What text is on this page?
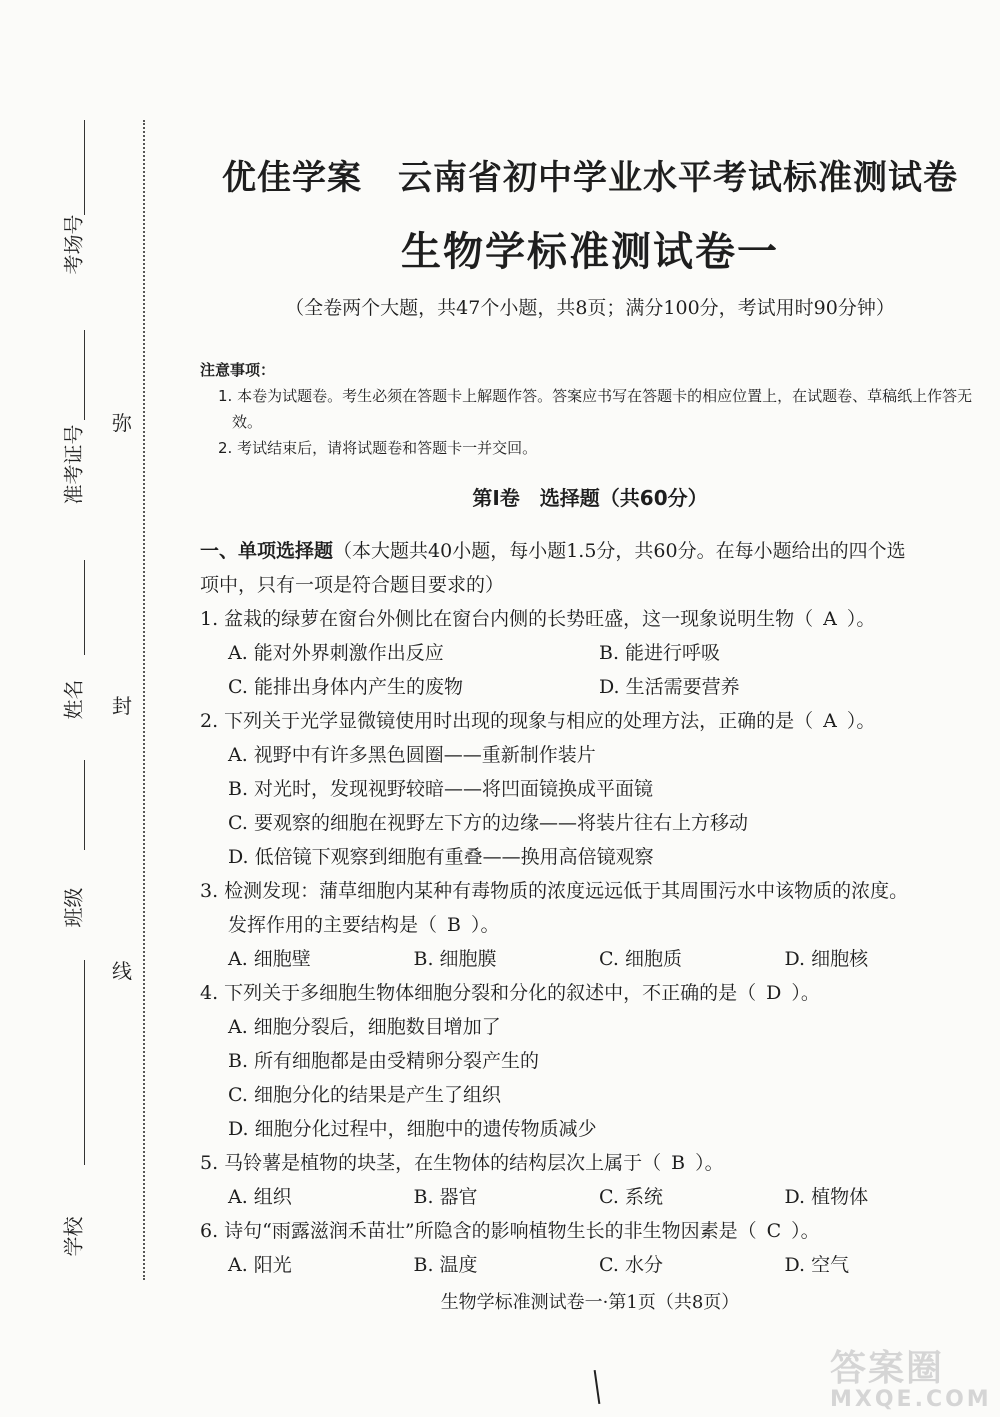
考场号
准考证号
姓名
班级
学校
弥
封
线
优佳学案 云南省初中学业水平考试标准测试卷
生物学标准测试卷一
（全卷两个大题，共47个小题，共8页；满分100分，考试用时90分钟）
注意事项：
1. 本卷为试题卷。考生必须在答题卡上解题作答。答案应书写在答题卡的相应位置上，在试题卷、草稿纸上作答无效。
2. 考试结束后，请将试题卷和答题卡一并交回。
第Ⅰ卷　选择题（共60分）
一、单项选择题（本大题共40小题，每小题1.5分，共60分。在每小题给出的四个选
项中，只有一项是符合题目要求的）
1. 盆栽的绿萝在窗台外侧比在窗台内侧的长势旺盛，这一现象说明生物（ A ）。
A. 能对外界刺激作出反应	B. 能进行呼吸
C. 能排出身体内产生的废物	D. 生活需要营养
2. 下列关于光学显微镜使用时出现的现象与相应的处理方法，正确的是（ A ）。
A. 视野中有许多黑色圆圈——重新制作装片
B. 对光时，发现视野较暗——将凹面镜换成平面镜
C. 要观察的细胞在视野左下方的边缘——将装片往右上方移动
D. 低倍镜下观察到细胞有重叠——换用高倍镜观察
3. 检测发现：蒲草细胞内某种有毒物质的浓度远远低于其周围污水中该物质的浓度。
发挥作用的主要结构是（ B ）。
A. 细胞壁	B. 细胞膜	C. 细胞质	D. 细胞核
4. 下列关于多细胞生物体细胞分裂和分化的叙述中，不正确的是（ D ）。
A. 细胞分裂后，细胞数目增加了
B. 所有细胞都是由受精卵分裂产生的
C. 细胞分化的结果是产生了组织
D. 细胞分化过程中，细胞中的遗传物质减少
5. 马铃薯是植物的块茎，在生物体的结构层次上属于（ B ）。
A. 组织	B. 器官	C. 系统	D. 植物体
6. 诗句“雨露滋润禾苗壮”所隐含的影响植物生长的非生物因素是（ C ）。
A. 阳光	B. 温度	C. 水分	D. 空气
生物学标准测试卷一·第1页（共8页）
答案圈
MXQE.COM
